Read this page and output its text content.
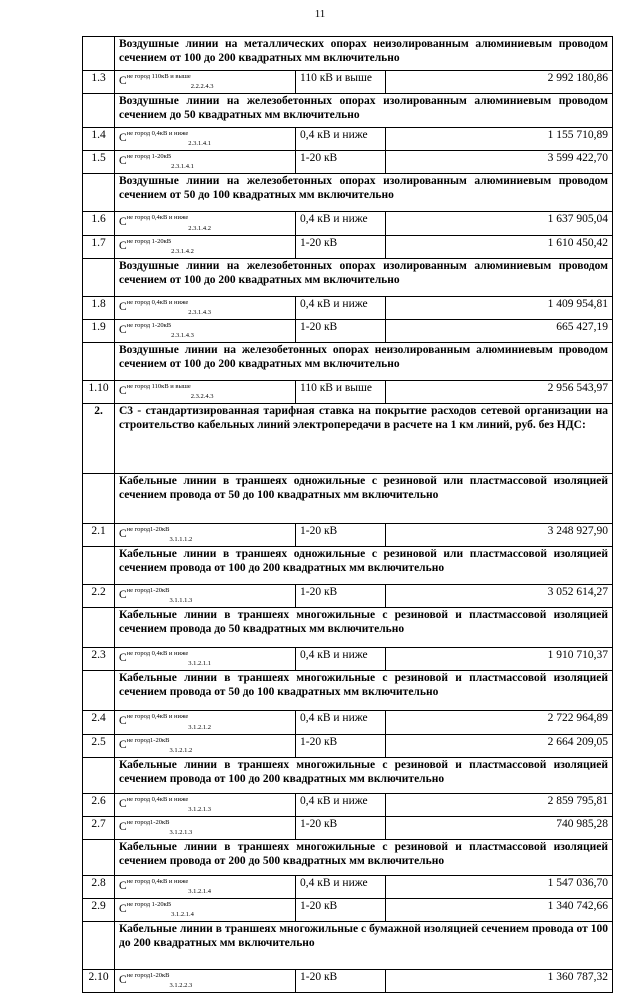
11
	Воздушные линии на металлических опорах неизолированным алюминиевым проводом сечением от 100 до 200 квадратных мм включительно		
1.3	$С^{не город 110кВ и выше}_{2.2.2.4.3}$	110 кВ и выше	2 992 180,86
	Воздушные линии на железобетонных опорах изолированным алюминиевым проводом сечением до 50 квадратных мм включительно		
1.4	$С^{не город 0,4кВ и ниже}_{2.3.1.4.1}$	0,4 кВ и ниже	1 155 710,89
1.5	$С^{не город 1-20кВ}_{2.3.1.4.1}$	1-20 кВ	3 599 422,70
	Воздушные линии на железобетонных опорах изолированным алюминиевым проводом сечением от 50 до 100 квадратных мм включительно		
1.6	$С^{не город 0,4кВ и ниже}_{2.3.1.4.2}$	0,4 кВ и ниже	1 637 905,04
1.7	$С^{не город 1-20кВ}_{2.3.1.4.2}$	1-20 кВ	1 610 450,42
	Воздушные линии на железобетонных опорах изолированным алюминиевым проводом сечением от 100 до 200 квадратных мм включительно		
1.8	$С^{не город 0,4кВ и ниже}_{2.3.1.4.3}$	0,4 кВ и ниже	1 409 954,81
1.9	$С^{не город 1-20кВ}_{2.3.1.4.3}$	1-20 кВ	665 427,19
	Воздушные линии на железобетонных опорах неизолированным алюминиевым проводом сечением от 100 до 200 квадратных мм включительно		
1.10	$С^{не город 110кВ и выше}_{2.3.2.4.3}$	110 кВ и выше	2 956 543,97
2.	С3 - стандартизированная тарифная ставка на покрытие расходов сетевой организации на строительство кабельных линий электропередачи в расчете на 1 км линий, руб. без НДС:		
	Кабельные линии в траншеях одножильные с резиновой или пластмассовой изоляцией сечением провода от 50 до 100 квадратных мм включительно		
2.1	$С^{не город1-20кВ}_{3.1.1.1.2}$	1-20 кВ	3 248 927,90
	Кабельные линии в траншеях одножильные с резиновой или пластмассовой изоляцией сечением провода от 100 до 200 квадратных мм включительно		
2.2	$С^{не город1-20кВ}_{3.1.1.1.3}$	1-20 кВ	3 052 614,27
	Кабельные линии в траншеях многожильные с резиновой и пластмассовой изоляцией сечением провода до 50 квадратных мм включительно		
2.3	$С^{не город 0,4кВ и ниже}_{3.1.2.1.1}$	0,4 кВ и ниже	1 910 710,37
	Кабельные линии в траншеях многожильные с резиновой и пластмассовой изоляцией сечением провода от 50 до 100 квадратных мм включительно		
2.4	$С^{не город 0,4кВ и ниже}_{3.1.2.1.2}$	0,4 кВ и ниже	2 722 964,89
2.5	$С^{не город1-20кВ}_{3.1.2.1.2}$	1-20 кВ	2 664 209,05
	Кабельные линии в траншеях многожильные с резиновой и пластмассовой изоляцией сечением провода от 100 до 200 квадратных мм включительно		
2.6	$С^{не город 0,4кВ и ниже}_{3.1.2.1.3}$	0,4 кВ и ниже	2 859 795,81
2.7	$С^{не город1-20кВ}_{3.1.2.1.3}$	1-20 кВ	740 985,28
	Кабельные линии в траншеях многожильные с резиновой и пластмассовой изоляцией сечением провода от 200 до 500 квадратных мм включительно		
2.8	$С^{не город 0,4кВ и ниже}_{3.1.2.1.4}$	0,4 кВ и ниже	1 547 036,70
2.9	$С^{не город 1-20кВ}_{3.1.2.1.4}$	1-20 кВ	1 340 742,66
	Кабельные линии в траншеях многожильные с бумажной изоляцией сечением провода от 100 до 200 квадратных мм включительно		
2.10	$С^{не город1-20кВ}_{3.1.2.2.3}$	1-20 кВ	1 360 787,32
